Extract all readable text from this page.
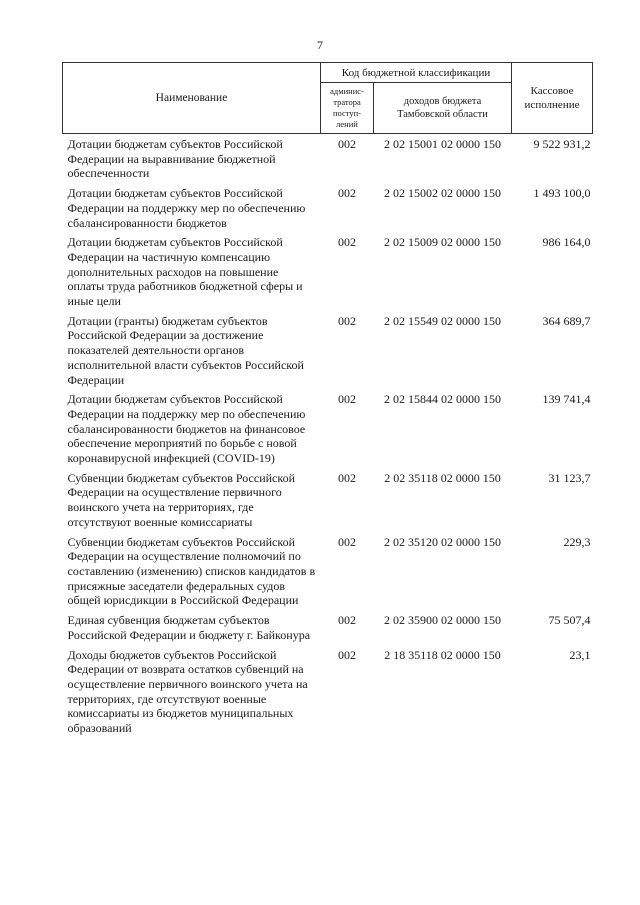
7
Наименование	Код бюджетной классификации		Кассовое
исполнение
	админис-
тратора
поступ-
лений	доходов бюджета
Тамбовской области	
Дотации бюджетам субъектов Российской Федерации на выравнивание бюджетной обеспеченности	002	2 02 15001 02 0000 150	9 522 931,2
Дотации бюджетам субъектов Российской Федерации на поддержку мер по обеспечению сбалансированности бюджетов	002	2 02 15002 02 0000 150	1 493 100,0
Дотации бюджетам субъектов Российской Федерации на частичную компенсацию дополнительных расходов на повышение оплаты труда работников бюджетной сферы и иные цели	002	2 02 15009 02 0000 150	986 164,0
Дотации (гранты) бюджетам субъектов Российской Федерации за достижение показателей деятельности органов исполнительной власти субъектов Российской Федерации	002	2 02 15549 02 0000 150	364 689,7
Дотации бюджетам субъектов Российской Федерации на поддержку мер по обеспечению сбалансированности бюджетов на финансовое обеспечение мероприятий по борьбе с новой коронавирусной инфекцией (COVID-19)	002	2 02 15844 02 0000 150	139 741,4
Субвенции бюджетам субъектов Российской Федерации на осуществление первичного воинского учета на территориях, где отсутствуют военные комиссариаты	002	2 02 35118 02 0000 150	31 123,7
Субвенции бюджетам субъектов Российской Федерации на осуществление полномочий по составлению (изменению) списков кандидатов в присяжные заседатели федеральных судов общей юрисдикции в Российской Федерации	002	2 02 35120 02 0000 150	229,3
Единая субвенция бюджетам субъектов Российской Федерации и бюджету г. Байконура	002	2 02 35900 02 0000 150	75 507,4
Доходы бюджетов субъектов Российской Федерации от возврата остатков субвенций на осуществление первичного воинского учета на территориях, где отсутствуют военные комиссариаты из бюджетов муниципальных образований	002	2 18 35118 02 0000 150	23,1
